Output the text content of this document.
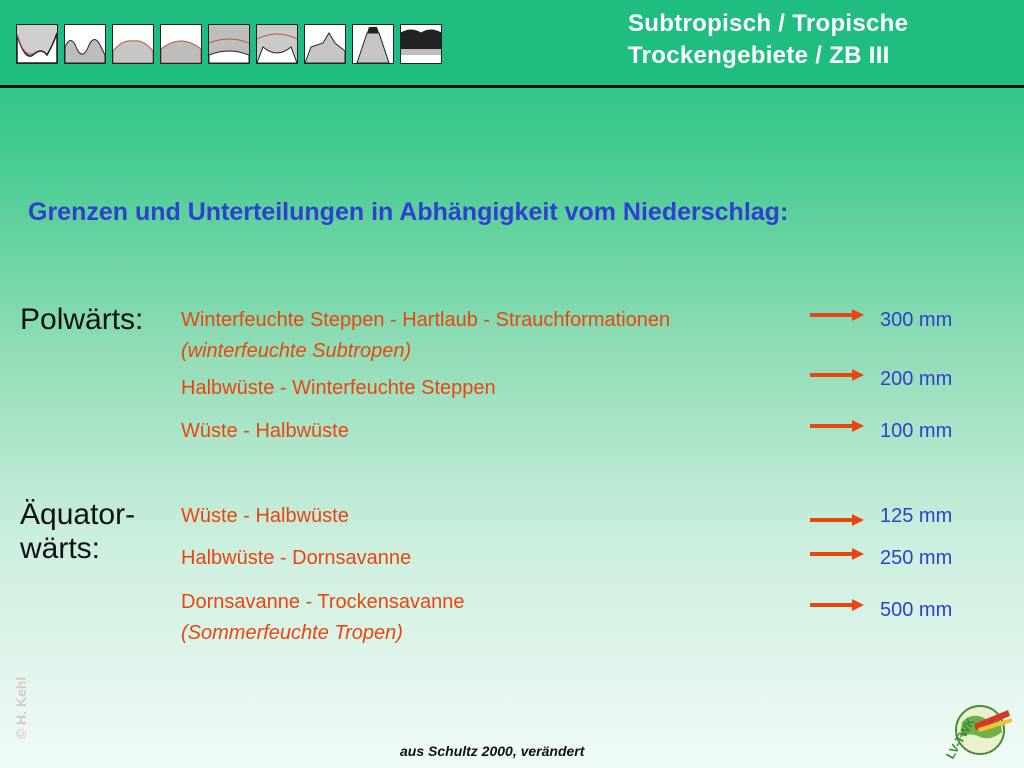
Subtropisch / Tropische
Trockengebiete / ZB III
Grenzen und Unterteilungen in Abhängigkeit vom Niederschlag:
Polwärts: Winterfeuchte Steppen - Hartlaub - Strauchformationen
(winterfeuchte Subtropen)
Halbwüste - Winterfeuchte Steppen
Wüste - Halbwüste
300 mm
200 mm
100 mm
Äquator-
wärts:
Wüste - Halbwüste
Halbwüste - Dornsavanne
Dornsavanne - Trockensavanne
(Sommerfeuchte Tropen)
125 mm
250 mm
500 mm
© H. Kehl
aus Schultz 2000, verändert	LV-TWK
